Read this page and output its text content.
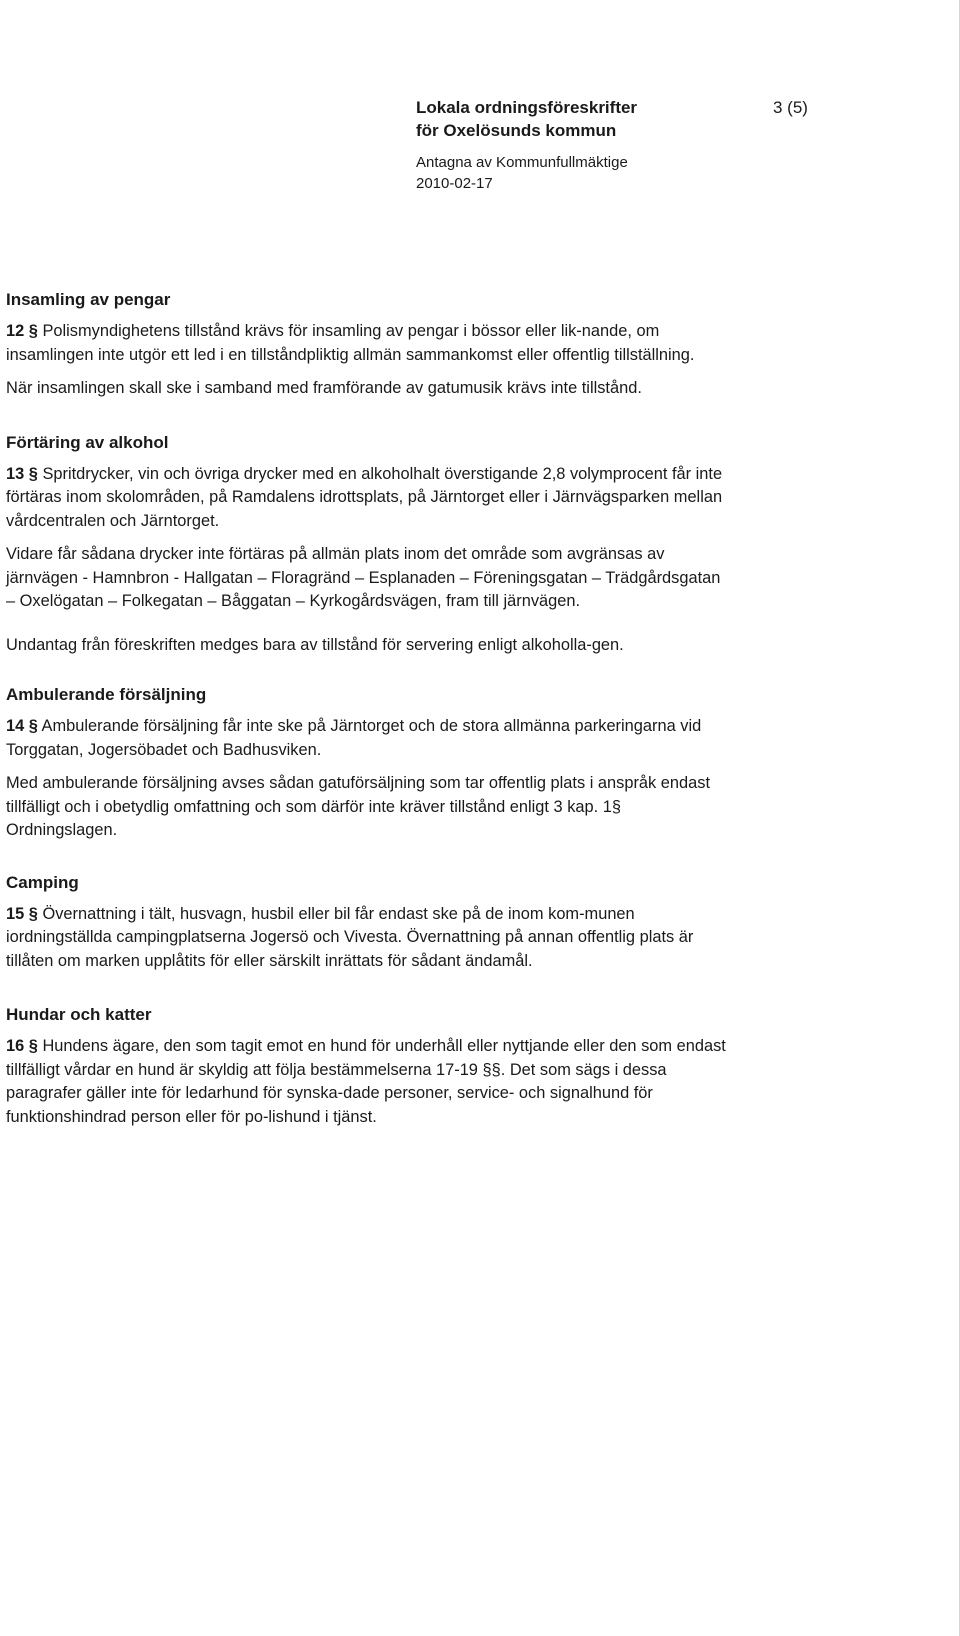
Lokala ordningsföreskrifter
för Oxelösunds kommun
Antagna av Kommunfullmäktige
2010-02-17
3 (5)
Insamling av pengar

12 § Polismyndighetens tillstånd krävs för insamling av pengar i bössor eller lik-nande, om insamlingen inte utgör ett led i en tillståndpliktig allmän sammankomst eller offentlig tillställning.

När insamlingen skall ske i samband med framförande av gatumusik krävs inte tillstånd.

Förtäring av alkohol

13 § Spritdrycker, vin och övriga drycker med en alkoholhalt överstigande 2,8 volymprocent får inte förtäras inom skolområden, på Ramdalens idrottsplats, på Järntorget eller i Järnvägsparken mellan vårdcentralen och Järntorget.

Vidare får sådana drycker inte förtäras på allmän plats inom det område som avgränsas av järnvägen - Hamnbron - Hallgatan – Floragränd – Esplanaden – Föreningsgatan – Trädgårdsgatan – Oxelögatan – Folkegatan – Båggatan – Kyrkogårdsvägen, fram till järnvägen.

Undantag från föreskriften medges bara av tillstånd för servering enligt alkoholla-gen.

Ambulerande försäljning

14 § Ambulerande försäljning får inte ske på Järntorget och de stora allmänna parkeringarna vid Torggatan, Jogersöbadet och Badhusviken.

Med ambulerande försäljning avses sådan gatuförsäljning som tar offentlig plats i anspråk endast tillfälligt och i obetydlig omfattning och som därför inte kräver tillstånd enligt 3 kap. 1§ Ordningslagen.

Camping

15 § Övernattning i tält, husvagn, husbil eller bil får endast ske på de inom kom-munen iordningställda campingplatserna Jogersö och Vivesta. Övernattning på annan offentlig plats är tillåten om marken upplåtits för eller särskilt inrättats för sådant ändamål.

Hundar och katter

16 § Hundens ägare, den som tagit emot en hund för underhåll eller nyttjande eller den som endast tillfälligt vårdar en hund är skyldig att följa bestämmelserna 17-19 §§. Det som sägs i dessa paragrafer gäller inte för ledarhund för synska-dade personer, service- och signalhund för funktionshindrad person eller för po-lishund i tjänst.
